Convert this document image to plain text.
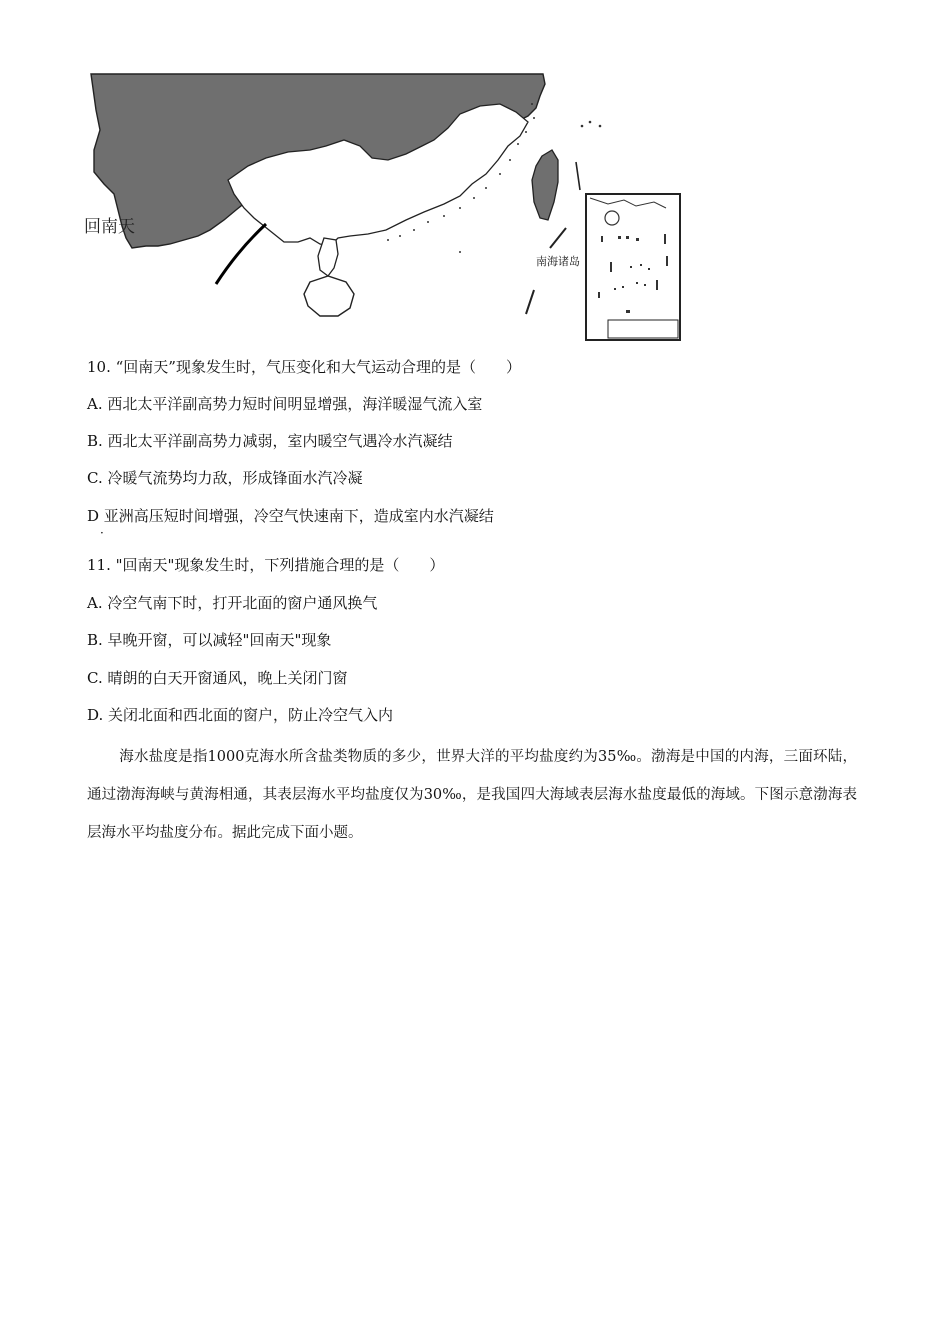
回南天
南海诸岛
10. “回南天”现象发生时，气压变化和大气运动合理的是（　　）
A. 西北太平洋副高势力短时间明显增强，海洋暖湿气流入室
B. 西北太平洋副高势力减弱，室内暖空气遇冷水汽凝结
C. 冷暖气流势均力敌，形成锋面水汽冷凝
D 亚洲高压短时间增强，冷空气快速南下，造成室内水汽凝结
·
11. "回南天"现象发生时，下列措施合理的是（　　）
A. 冷空气南下时，打开北面的窗户通风换气
B. 早晚开窗，可以减轻"回南天"现象
C. 晴朗的白天开窗通风，晚上关闭门窗
D. 关闭北面和西北面的窗户，防止冷空气入内
海水盐度是指1000克海水所含盐类物质的多少，世界大洋的平均盐度约为35‰。渤海是中国的内海，三面环陆，通过渤海海峡与黄海相通，其表层海水平均盐度仅为30‰，是我国四大海域表层海水盐度最低的海域。下图示意渤海表层海水平均盐度分布。据此完成下面小题。
